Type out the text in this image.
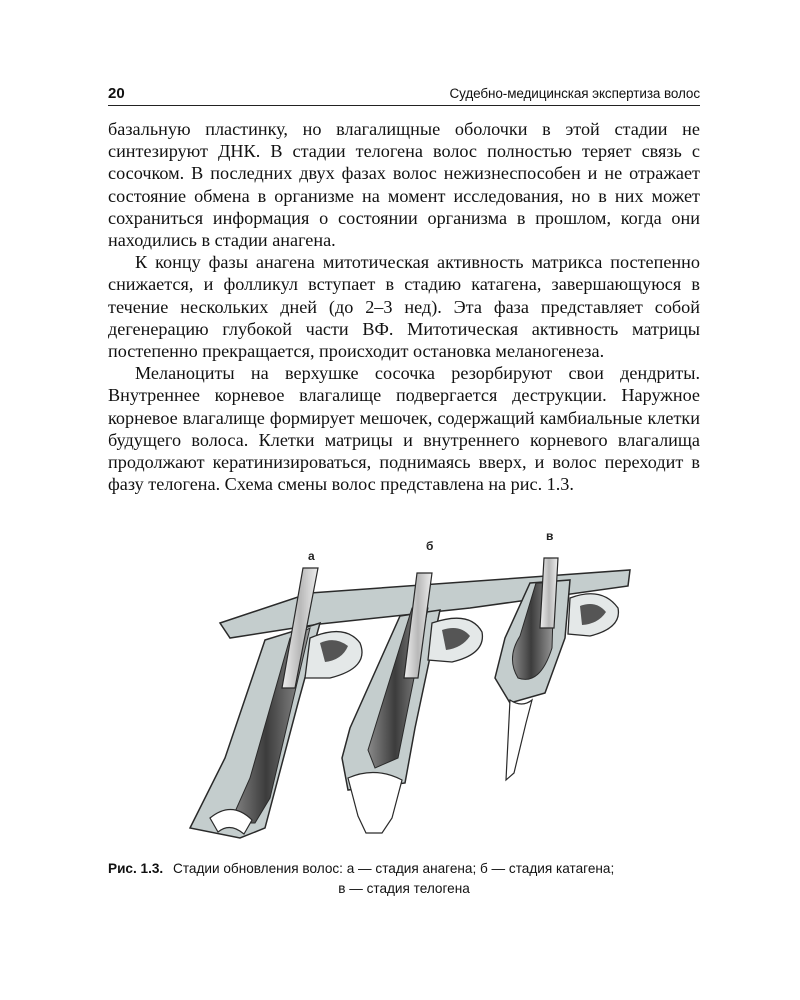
20	Судебно-медицинская экспертиза волос

базальную пластинку, но влагалищные оболочки в этой стадии не синтезируют ДНК. В стадии телогена волос полностью теряет связь с сосочком. В последних двух фазах волос нежизнеспособен и не отражает состояние обмена в организме на момент исследования, но в них может сохраниться информация о состоянии организма в прошлом, когда они находились в стадии анагена.

К концу фазы анагена митотическая активность матрикса постепенно снижается, и фолликул вступает в стадию катагена, завершающуюся в течение нескольких дней (до 2–3 нед). Эта фаза представляет собой дегенерацию глубокой части ВФ. Митотическая активность матрицы постепенно прекращается, происходит остановка меланогенеза.

Меланоциты на верхушке сосочка резорбируют свои дендриты. Внутреннее корневое влагалище подвергается деструкции. Наружное корневое влагалище формирует мешочек, содержащий камбиальные клетки будущего волоса. Клетки матрицы и внутреннего корневого влагалища продолжают кератинизироваться, поднимаясь вверх, и волос переходит в фазу телогена. Схема смены волос представлена на рис. 1.3.

а
б
в
Рис. 1.3. Стадии обновления волос: а — стадия анагена; б — стадия катагена;
в — стадия телогена
